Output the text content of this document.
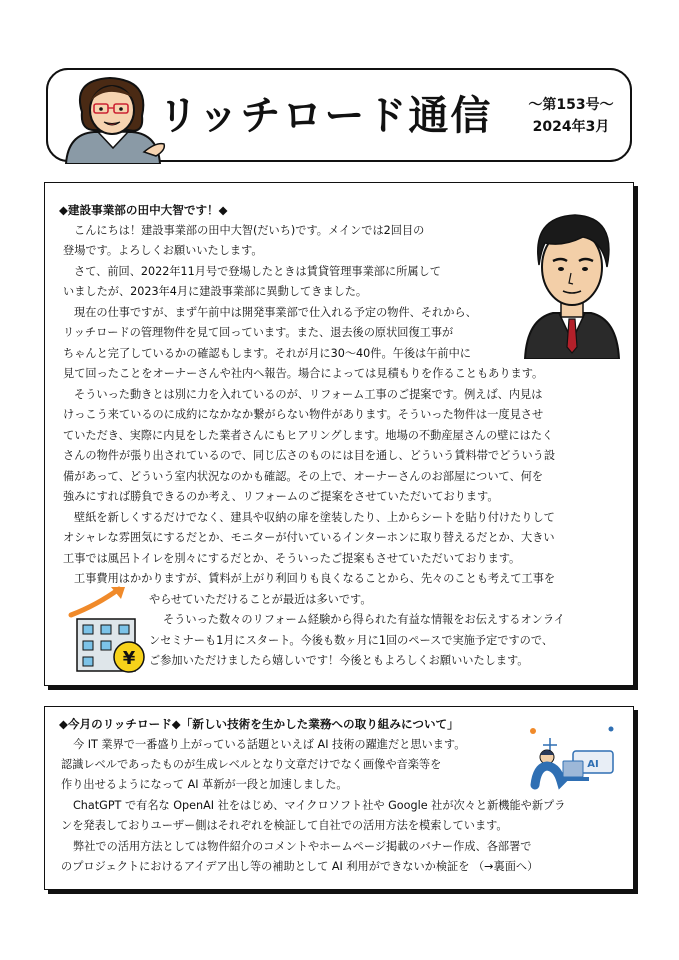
リッチロード通信	～第153号～
2024年3月
◆建設事業部の田中大智です！◆
こんにちは！建設事業部の田中大智(だいち)です。メインでは2回目の
登場です。よろしくお願いいたします。
さて、前回、2022年11月号で登場したときは賃貸管理事業部に所属して
いましたが、2023年4月に建設事業部に異動してきました。
現在の仕事ですが、まず午前中は開発事業部で仕入れる予定の物件、それから、
リッチロードの管理物件を見て回っています。また、退去後の原状回復工事が
ちゃんと完了しているかの確認もします。それが月に30～40件。午後は午前中に
見て回ったことをオーナーさんや社内へ報告。場合によっては見積もりを作ることもあります。
そういった動きとは別に力を入れているのが、リフォーム工事のご提案です。例えば、内見は
けっこう来ているのに成約になかなか繋がらない物件があります。そういった物件は一度見させ
ていただき、実際に内見をした業者さんにもヒアリングします。地場の不動産屋さんの壁にはたく
さんの物件が張り出されているので、同じ広さのものには目を通し、どういう賃料帯でどういう設
備があって、どういう室内状況なのかも確認。その上で、オーナーさんのお部屋について、何を
強みにすれば勝負できるのか考え、リフォームのご提案をさせていただいております。
壁紙を新しくするだけでなく、建具や収納の扉を塗装したり、上からシートを貼り付けたりして
オシャレな雰囲気にするだとか、モニターが付いているインターホンに取り替えるだとか、大きい
工事では風呂トイレを別々にするだとか、そういったご提案もさせていただいております。
工事費用はかかりますが、賃料が上がり利回りも良くなることから、先々のことも考えて工事を
やらせていただけることが最近は多いです。
そういった数々のリフォーム経験から得られた有益な情報をお伝えするオンライ
ンセミナーも1月にスタート。今後も数ヶ月に1回のペースで実施予定ですので、
ご参加いただけましたら嬉しいです！今後ともよろしくお願いいたします。
¥
◆今月のリッチロード◆「新しい技術を生かした業務への取り組みについて」
今 IT 業界で一番盛り上がっている話題といえば AI 技術の躍進だと思います。
認識レベルであったものが生成レベルとなり文章だけでなく画像や音楽等を
作り出せるようになって AI 革新が一段と加速しました。
ChatGPT で有名な OpenAI 社をはじめ、マイクロソフト社や Google 社が次々と新機能や新プラ
ンを発表しておりユーザー側はそれぞれを検証して自社での活用方法を模索しています。
弊社での活用方法としては物件紹介のコメントやホームページ掲載のバナー作成、各部署で
のプロジェクトにおけるアイデア出し等の補助として AI 利用ができないか検証を （→裏面へ）
AI
